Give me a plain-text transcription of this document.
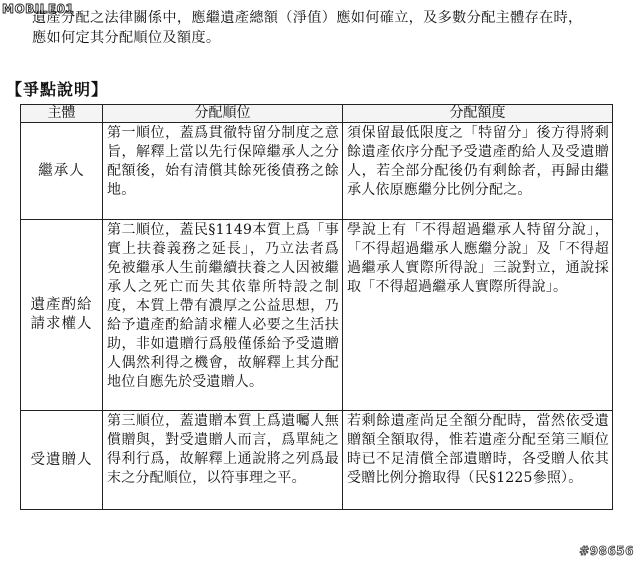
MOBILE01
遺產分配之法律關係中，應繼遺產總額（淨值）應如何確立，及多數分配主體存在時，
應如何定其分配順位及額度。
【爭點說明】
主體	分配順位	分配額度
繼承人	第一順位，蓋爲貫徹特留分制度之意旨，解釋上當以先行保障繼承人之分配額後，始有清償其餘死後債務之餘地。	須保留最低限度之「特留分」後方得將剩餘遺產依序分配予受遺產酌給人及受遺贈人，若全部分配後仍有剩餘者，再歸由繼承人依原應繼分比例分配之。
遺產酌給請求權人	第二順位，蓋民§1149本質上爲「事實上扶養義務之延長」，乃立法者爲免被繼承人生前繼續扶養之人因被繼承人之死亡而失其依靠所特設之制度，本質上帶有濃厚之公益思想，乃給予遺產酌給請求權人必要之生活扶助，非如遺贈行爲般僅係給予受遺贈人偶然利得之機會，故解釋上其分配地位自應先於受遺贈人。	學說上有「不得超過繼承人特留分說」，「不得超過繼承人應繼分說」及「不得超過繼承人實際所得說」三說對立，通說採取「不得超過繼承人實際所得說」。
受遺贈人	第三順位，蓋遺贈本質上爲遺囑人無償贈與，對受遺贈人而言，爲單純之得利行爲，故解釋上通說將之列爲最末之分配順位，以符事理之平。	若剩餘遺產尚足全額分配時，當然依受遺贈額全額取得，惟若遺產分配至第三順位時已不足清償全部遺贈時，各受贈人依其受贈比例分擔取得（民§1225參照）。
#98656
